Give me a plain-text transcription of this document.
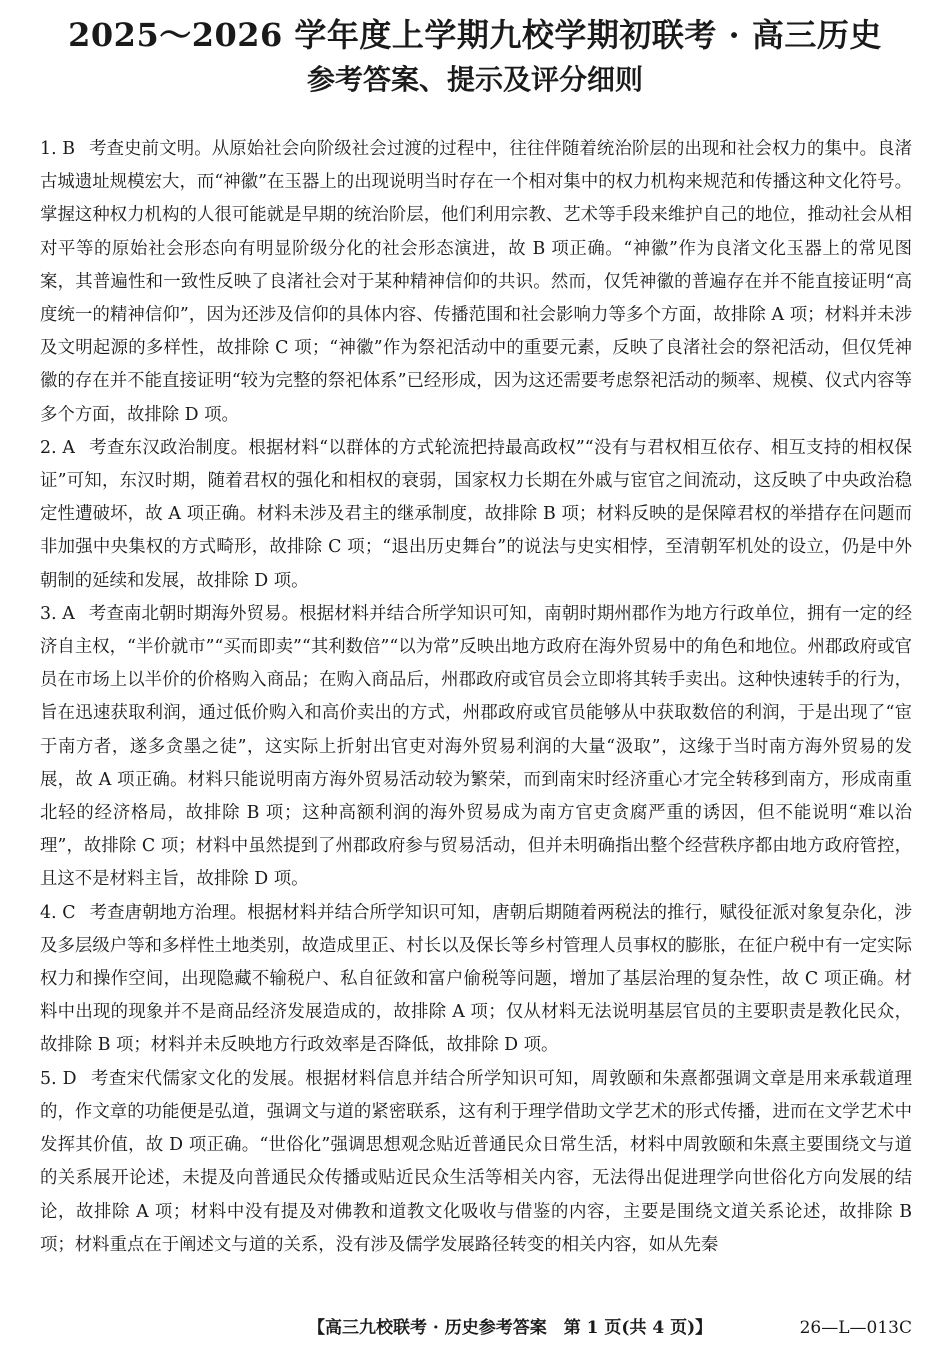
2025～2026 学年度上学期九校学期初联考 · 高三历史
参考答案、提示及评分细则

1. B 考查史前文明。从原始社会向阶级社会过渡的过程中，往往伴随着统治阶层的出现和社会权力的集中。良渚古城遗址规模宏大，而“神徽”在玉器上的出现说明当时存在一个相对集中的权力机构来规范和传播这种文化符号。掌握这种权力机构的人很可能就是早期的统治阶层，他们利用宗教、艺术等手段来维护自己的地位，推动社会从相对平等的原始社会形态向有明显阶级分化的社会形态演进，故 B 项正确。“神徽”作为良渚文化玉器上的常见图案，其普遍性和一致性反映了良渚社会对于某种精神信仰的共识。然而，仅凭神徽的普遍存在并不能直接证明“高度统一的精神信仰”，因为还涉及信仰的具体内容、传播范围和社会影响力等多个方面，故排除 A 项；材料并未涉及文明起源的多样性，故排除 C 项；“神徽”作为祭祀活动中的重要元素，反映了良渚社会的祭祀活动，但仅凭神徽的存在并不能直接证明“较为完整的祭祀体系”已经形成，因为这还需要考虑祭祀活动的频率、规模、仪式内容等多个方面，故排除 D 项。

2. A 考查东汉政治制度。根据材料“以群体的方式轮流把持最高政权”“没有与君权相互依存、相互支持的相权保证”可知，东汉时期，随着君权的强化和相权的衰弱，国家权力长期在外戚与宦官之间流动，这反映了中央政治稳定性遭破坏，故 A 项正确。材料未涉及君主的继承制度，故排除 B 项；材料反映的是保障君权的举措存在问题而非加强中央集权的方式畸形，故排除 C 项；“退出历史舞台”的说法与史实相悖，至清朝军机处的设立，仍是中外朝制的延续和发展，故排除 D 项。

3. A 考查南北朝时期海外贸易。根据材料并结合所学知识可知，南朝时期州郡作为地方行政单位，拥有一定的经济自主权，“半价就市”“买而即卖”“其利数倍”“以为常”反映出地方政府在海外贸易中的角色和地位。州郡政府或官员在市场上以半价的价格购入商品；在购入商品后，州郡政府或官员会立即将其转手卖出。这种快速转手的行为，旨在迅速获取利润，通过低价购入和高价卖出的方式，州郡政府或官员能够从中获取数倍的利润，于是出现了“宦于南方者，遂多贪墨之徒”，这实际上折射出官吏对海外贸易利润的大量“汲取”，这缘于当时南方海外贸易的发展，故 A 项正确。材料只能说明南方海外贸易活动较为繁荣，而到南宋时经济重心才完全转移到南方，形成南重北轻的经济格局，故排除 B 项；这种高额利润的海外贸易成为南方官吏贪腐严重的诱因，但不能说明“难以治理”，故排除 C 项；材料中虽然提到了州郡政府参与贸易活动，但并未明确指出整个经营秩序都由地方政府管控，且这不是材料主旨，故排除 D 项。

4. C 考查唐朝地方治理。根据材料并结合所学知识可知，唐朝后期随着两税法的推行，赋役征派对象复杂化，涉及多层级户等和多样性土地类别，故造成里正、村长以及保长等乡村管理人员事权的膨胀，在征户税中有一定实际权力和操作空间，出现隐藏不输税户、私自征敛和富户偷税等问题，增加了基层治理的复杂性，故 C 项正确。材料中出现的现象并不是商品经济发展造成的，故排除 A 项；仅从材料无法说明基层官员的主要职责是教化民众，故排除 B 项；材料并未反映地方行政效率是否降低，故排除 D 项。

5. D 考查宋代儒家文化的发展。根据材料信息并结合所学知识可知，周敦颐和朱熹都强调文章是用来承载道理的，作文章的功能便是弘道，强调文与道的紧密联系，这有利于理学借助文学艺术的形式传播，进而在文学艺术中发挥其价值，故 D 项正确。“世俗化”强调思想观念贴近普通民众日常生活，材料中周敦颐和朱熹主要围绕文与道的关系展开论述，未提及向普通民众传播或贴近民众生活等相关内容，无法得出促进理学向世俗化方向发展的结论，故排除 A 项；材料中没有提及对佛教和道教文化吸收与借鉴的内容，主要是围绕文道关系论述，故排除 B 项；材料重点在于阐述文与道的关系，没有涉及儒学发展路径转变的相关内容，如从先秦

【高三九校联考 · 历史参考答案　第 1 页(共 4 页)】	26—L—013C
